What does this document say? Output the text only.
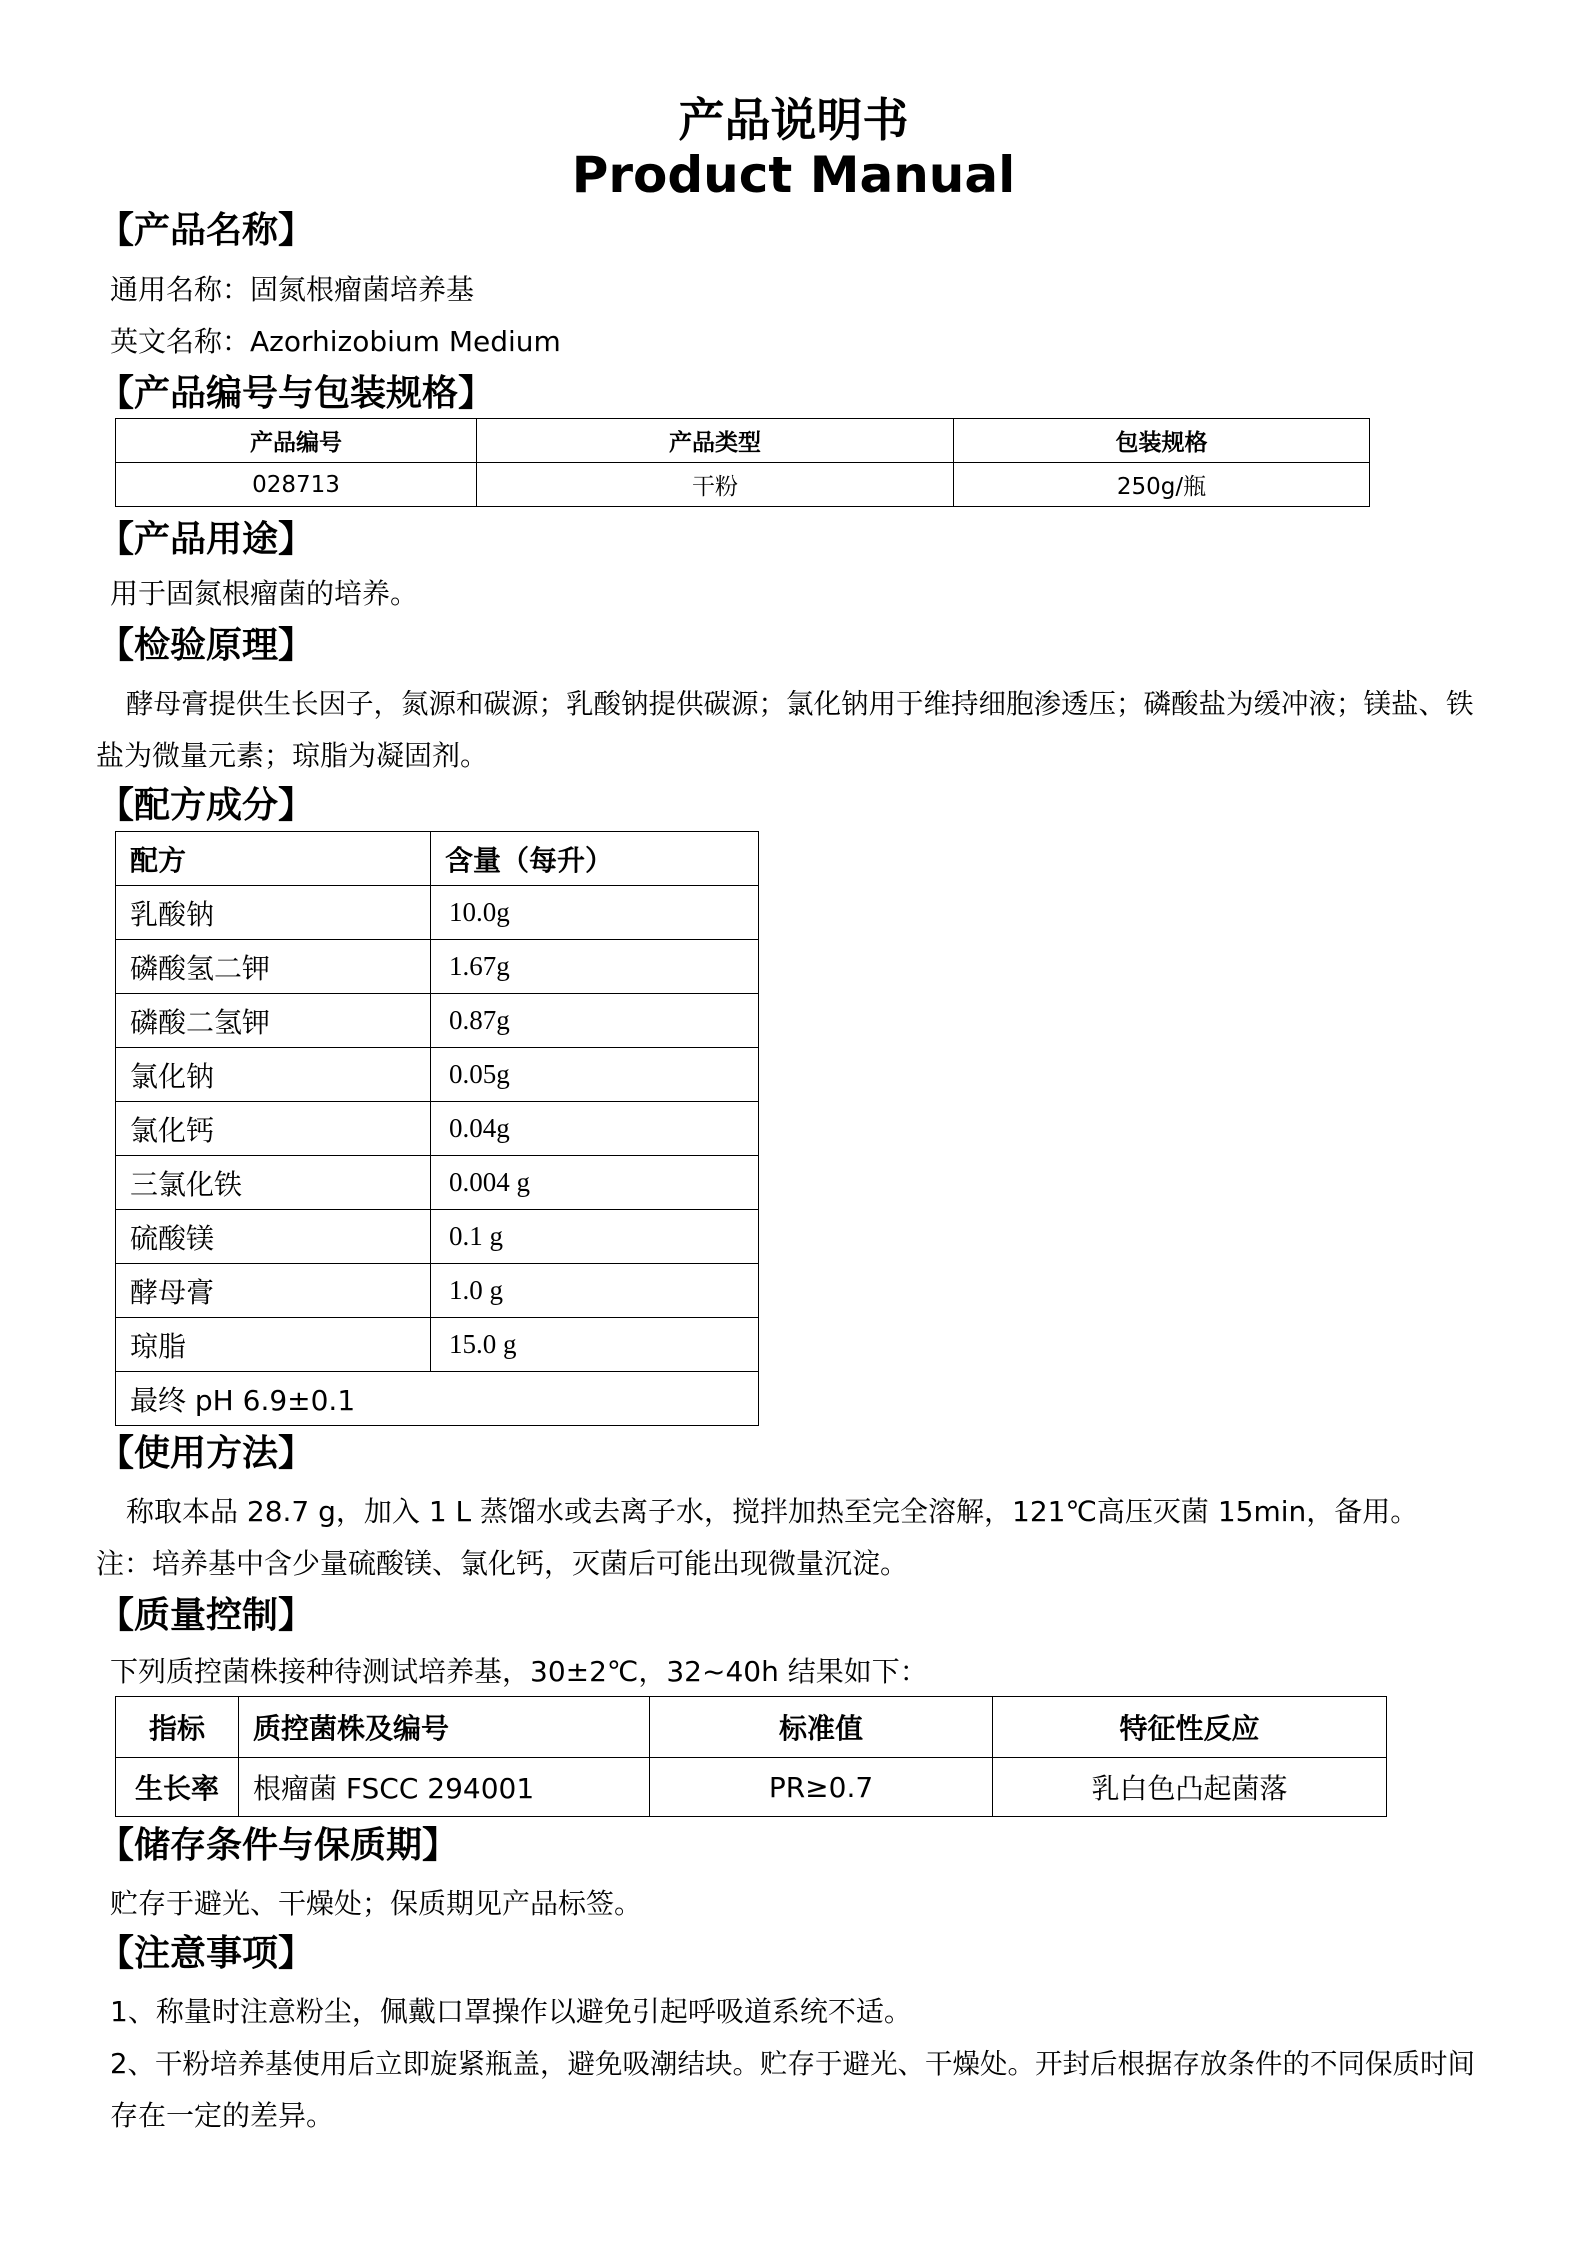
产品说明书
Product Manual
【产品名称】

通用名称：固氮根瘤菌培养基

英文名称：Azorhizobium Medium

【产品编号与包装规格】
产品编号	产品类型	包装规格
028713	干粉	250g/瓶
【产品用途】

用于固氮根瘤菌的培养。

【检验原理】

酵母膏提供生长因子，氮源和碳源；乳酸钠提供碳源；氯化钠用于维持细胞渗透压；磷酸盐为缓冲液；镁盐、铁

盐为微量元素；琼脂为凝固剂。

【配方成分】
配方	含量（每升）
乳酸钠	10.0g
磷酸氢二钾	1.67g
磷酸二氢钾	0.87g
氯化钠	0.05g
氯化钙	0.04g
三氯化铁	0.004 g
硫酸镁	0.1 g
酵母膏	1.0 g
琼脂	15.0 g
最终 pH 6.9±0.1	
【使用方法】

称取本品 28.7 g，加入 1 L 蒸馏水或去离子水，搅拌加热至完全溶解，121℃高压灭菌 15min，备用。

注：培养基中含少量硫酸镁、氯化钙，灭菌后可能出现微量沉淀。

【质量控制】

下列质控菌株接种待测试培养基，30±2℃，32~40h 结果如下：

指标	质控菌株及编号	标准值	特征性反应
生长率	根瘤菌 FSCC 294001	PR≥0.7	乳白色凸起菌落
【储存条件与保质期】

贮存于避光、干燥处；保质期见产品标签。

【注意事项】

1、称量时注意粉尘，佩戴口罩操作以避免引起呼吸道系统不适。

2、干粉培养基使用后立即旋紧瓶盖，避免吸潮结块。贮存于避光、干燥处。开封后根据存放条件的不同保质时间

存在一定的差异。
